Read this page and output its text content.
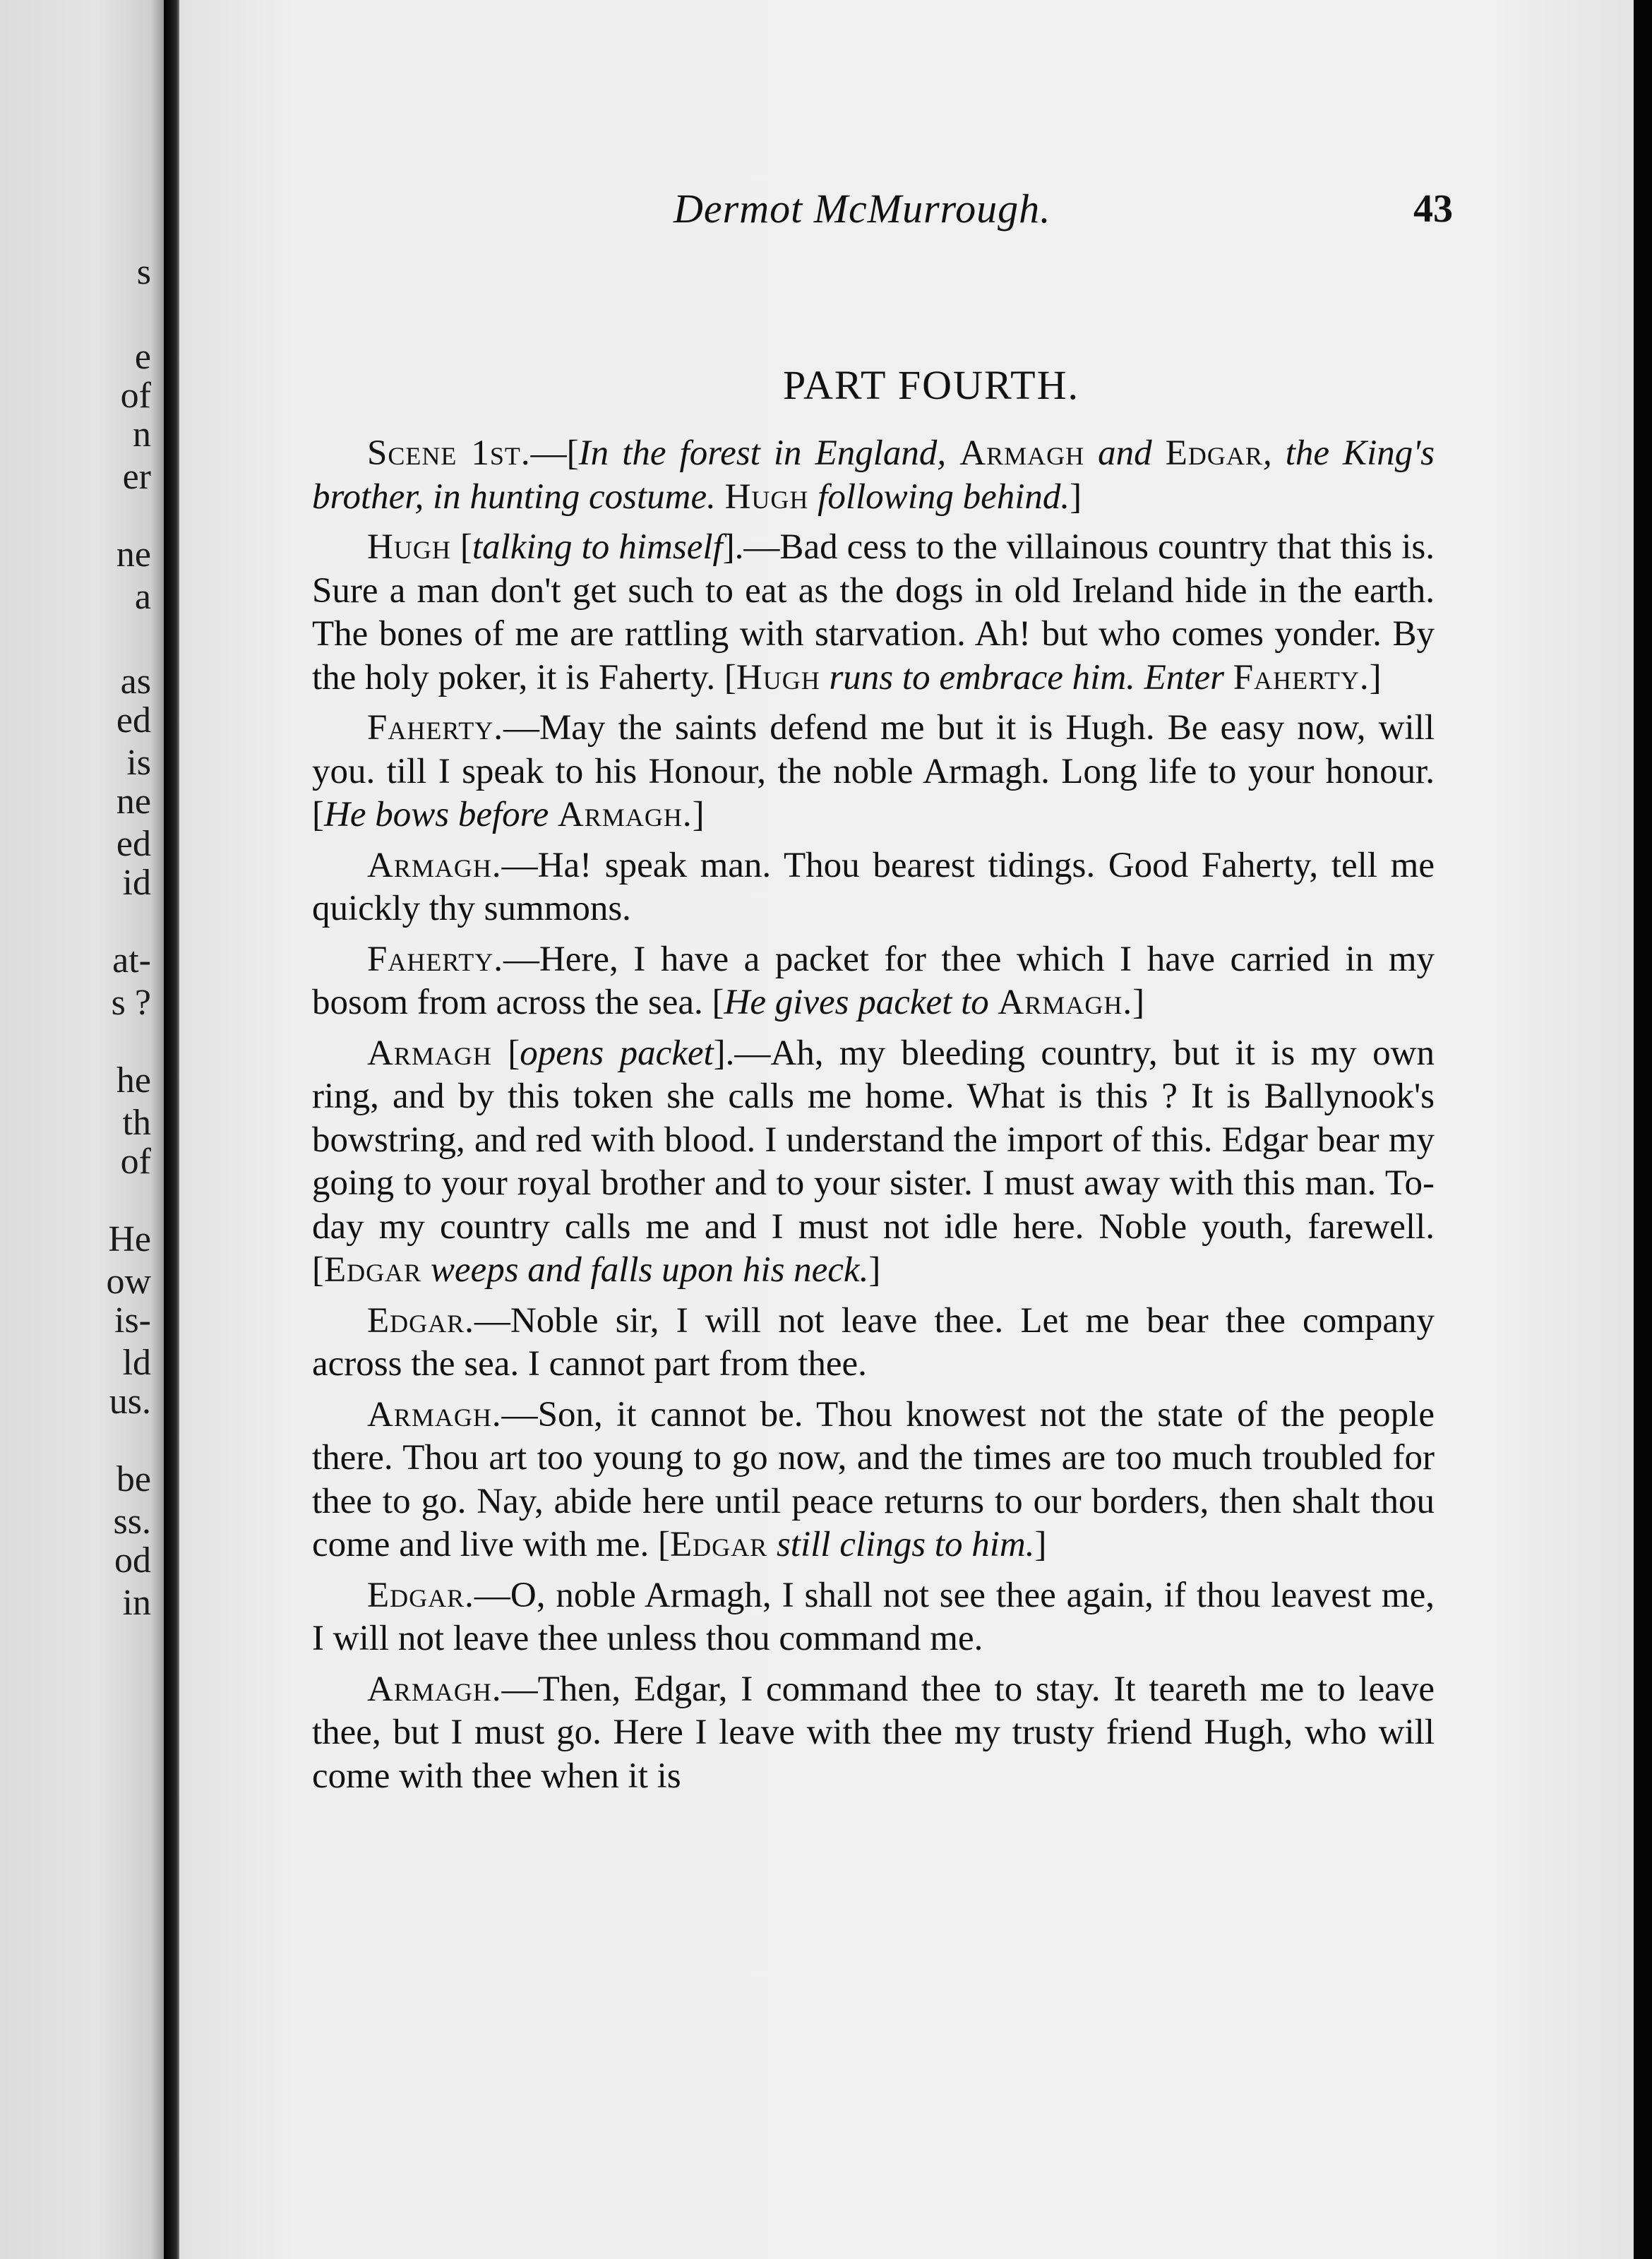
s
e
of
n
er
ne
a
as
ed
is
ne
ed
id
at-
s ?
he
th
of
He
ow
is-
ld
us.
be
ss.
od
in
Dermot McMurrough.	43
PART FOURTH.

Scene 1st.—[In the forest in England, Armagh and Edgar, the King's brother, in hunting costume. Hugh following behind.]

Hugh [talking to himself].—Bad cess to the villainous country that this is. Sure a man don't get such to eat as the dogs in old Ireland hide in the earth. The bones of me are rattling with starvation. Ah! but who comes yonder. By the holy poker, it is Faherty. [Hugh runs to embrace him. Enter Faherty.]

Faherty.—May the saints defend me but it is Hugh. Be easy now, will you. till I speak to his Honour, the noble Armagh. Long life to your honour. [He bows before Armagh.]

Armagh.—Ha! speak man. Thou bearest tidings. Good Faherty, tell me quickly thy summons.

Faherty.—Here, I have a packet for thee which I have carried in my bosom from across the sea. [He gives packet to Armagh.]

Armagh [opens packet].—Ah, my bleeding country, but it is my own ring, and by this token she calls me home. What is this ? It is Ballynook's bowstring, and red with blood. I understand the import of this. Edgar bear my going to your royal brother and to your sister. I must away with this man. To-day my country calls me and I must not idle here. Noble youth, farewell. [Edgar weeps and falls upon his neck.]

Edgar.—Noble sir, I will not leave thee. Let me bear thee company across the sea. I cannot part from thee.

Armagh.—Son, it cannot be. Thou knowest not the state of the people there. Thou art too young to go now, and the times are too much troubled for thee to go. Nay, abide here until peace returns to our borders, then shalt thou come and live with me. [Edgar still clings to him.]

Edgar.—O, noble Armagh, I shall not see thee again, if thou leavest me, I will not leave thee unless thou command me.

Armagh.—Then, Edgar, I command thee to stay. It teareth me to leave thee, but I must go. Here I leave with thee my trusty friend Hugh, who will come with thee when it is
